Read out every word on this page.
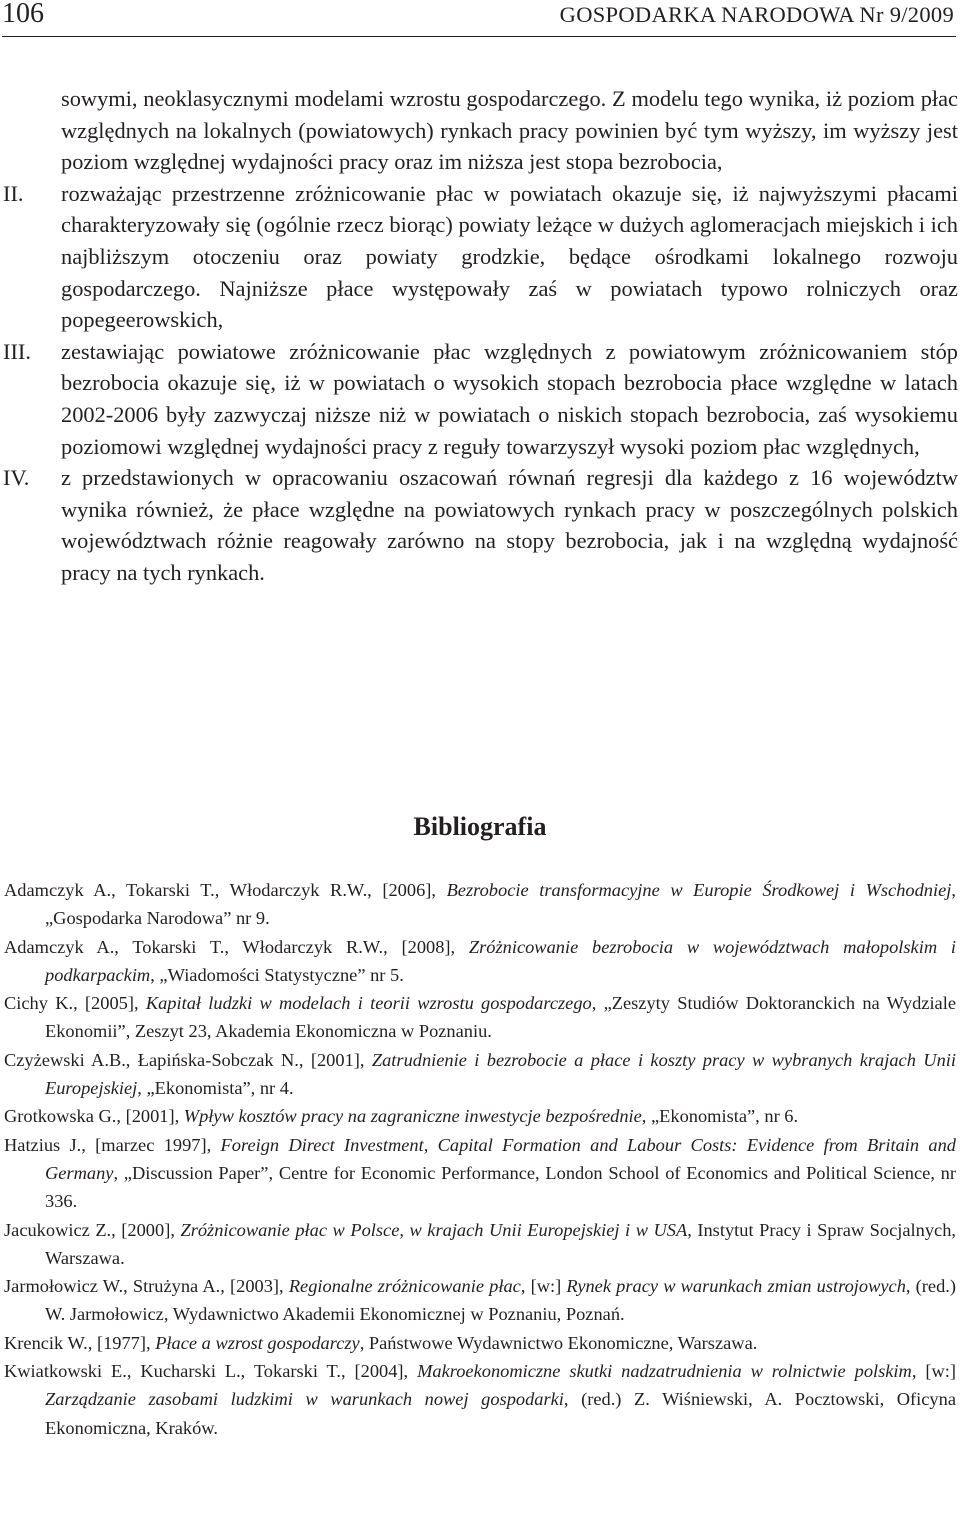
106	GOSPODARKA NARODOWA Nr 9/2009
sowymi, neoklasycznymi modelami wzrostu gospodarczego. Z modelu tego wynika, iż poziom płac względnych na lokalnych (powiatowych) rynkach pracy powinien być tym wyższy, im wyższy jest poziom względnej wydajności pracy oraz im niższa jest stopa bezrobocia,
II. rozważając przestrzenne zróżnicowanie płac w powiatach okazuje się, iż najwyższymi płacami charakteryzowały się (ogólnie rzecz biorąc) powiaty leżące w dużych aglomeracjach miejskich i ich najbliższym otoczeniu oraz powiaty grodzkie, będące ośrodkami lokalnego rozwoju gospodarczego. Najniższe płace występowały zaś w powiatach typowo rolniczych oraz popegeerowskich,
III. zestawiając powiatowe zróżnicowanie płac względnych z powiatowym zróżnicowaniem stóp bezrobocia okazuje się, iż w powiatach o wysokich stopach bezrobocia płace względne w latach 2002-2006 były zazwyczaj niższe niż w powiatach o niskich stopach bezrobocia, zaś wysokiemu poziomowi względnej wydajności pracy z reguły towarzyszył wysoki poziom płac względnych,
IV. z przedstawionych w opracowaniu oszacowań równań regresji dla każdego z 16 województw wynika również, że płace względne na powiatowych rynkach pracy w poszczególnych polskich województwach różnie reagowały zarówno na stopy bezrobocia, jak i na względną wydajność pracy na tych rynkach.
Bibliografia
Adamczyk A., Tokarski T., Włodarczyk R.W., [2006], Bezrobocie transformacyjne w Europie Środkowej i Wschodniej, „Gospodarka Narodowa” nr 9.
Adamczyk A., Tokarski T., Włodarczyk R.W., [2008], Zróżnicowanie bezrobocia w województwach małopolskim i podkarpackim, „Wiadomości Statystyczne” nr 5.
Cichy K., [2005], Kapitał ludzki w modelach i teorii wzrostu gospodarczego, „Zeszyty Studiów Doktoranckich na Wydziale Ekonomii”, Zeszyt 23, Akademia Ekonomiczna w Poznaniu.
Czyżewski A.B., Łapińska-Sobczak N., [2001], Zatrudnienie i bezrobocie a płace i koszty pracy w wybranych krajach Unii Europejskiej, „Ekonomista”, nr 4.
Grotkowska G., [2001], Wpływ kosztów pracy na zagraniczne inwestycje bezpośrednie, „Ekonomista”, nr 6.
Hatzius J., [marzec 1997], Foreign Direct Investment, Capital Formation and Labour Costs: Evidence from Britain and Germany, „Discussion Paper”, Centre for Economic Performance, London School of Economics and Political Science, nr 336.
Jacukowicz Z., [2000], Zróżnicowanie płac w Polsce, w krajach Unii Europejskiej i w USA, Instytut Pracy i Spraw Socjalnych, Warszawa.
Jarmołowicz W., Strużyna A., [2003], Regionalne zróżnicowanie płac, [w:] Rynek pracy w warunkach zmian ustrojowych, (red.) W. Jarmołowicz, Wydawnictwo Akademii Ekonomicznej w Poznaniu, Poznań.
Krencik W., [1977], Płace a wzrost gospodarczy, Państwowe Wydawnictwo Ekonomiczne, Warszawa.
Kwiatkowski E., Kucharski L., Tokarski T., [2004], Makroekonomiczne skutki nadzatrudnienia w rolnictwie polskim, [w:] Zarządzanie zasobami ludzkimi w warunkach nowej gospodarki, (red.) Z. Wiśniewski, A. Pocztowski, Oficyna Ekonomiczna, Kraków.
